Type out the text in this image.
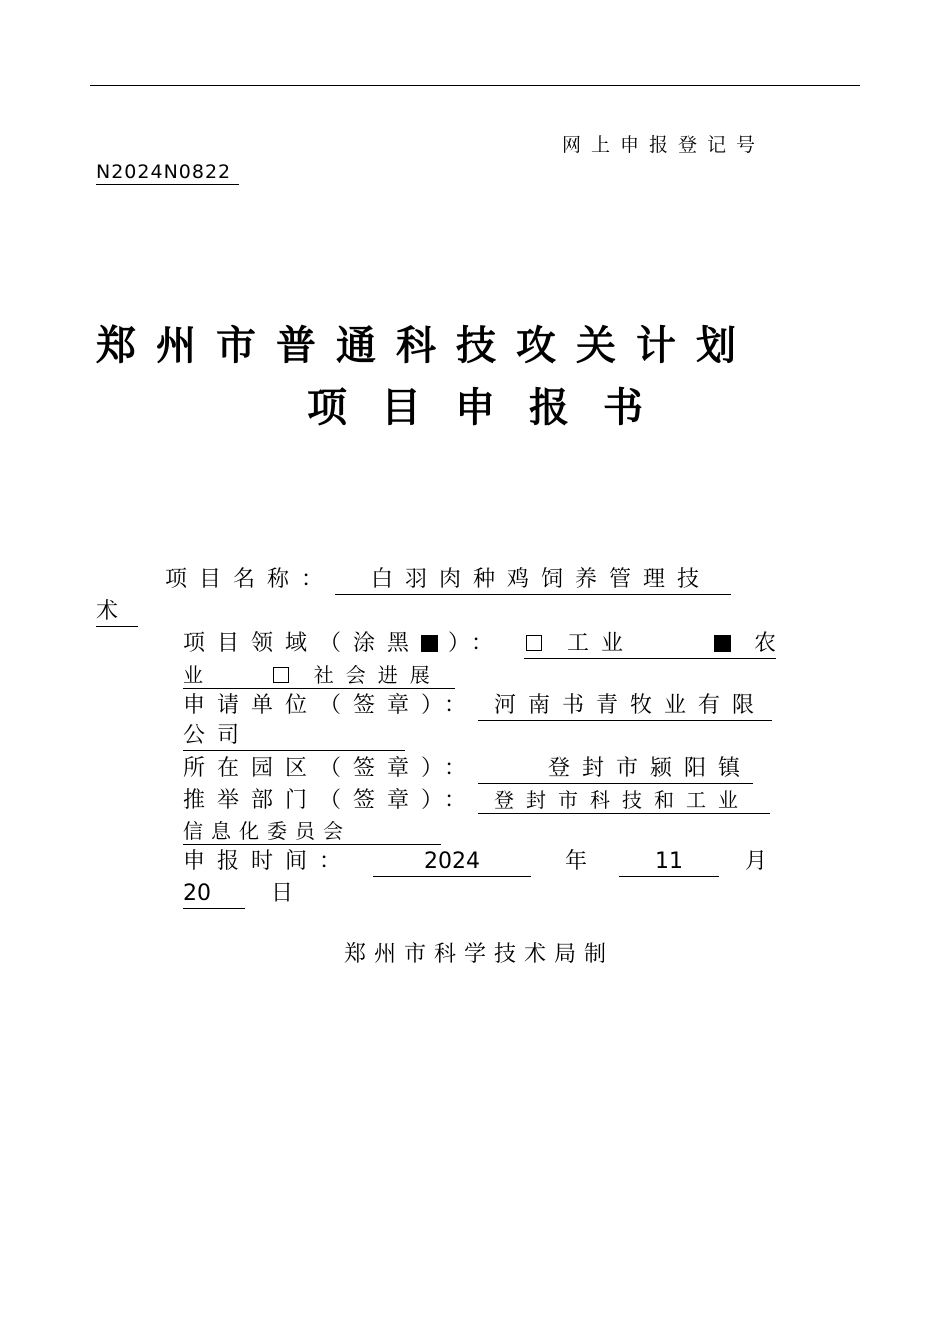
网上申报登记号
N2024N0822
郑州市普通科技攻关计划
项目申报书
项目名称： 白羽肉种鸡饲养管理技
术
项目领域（涂黑 ）：	工业	农
业	社会进展
申请单位（签章）： 河南书青牧业有限
公司
所在园区（签章）：	登封市颍阳镇
推举部门（签章）： 登封市科技和工业
信息化委员会
申报时间：	2024	年	11	月
20	日
郑州市科学技术局制
